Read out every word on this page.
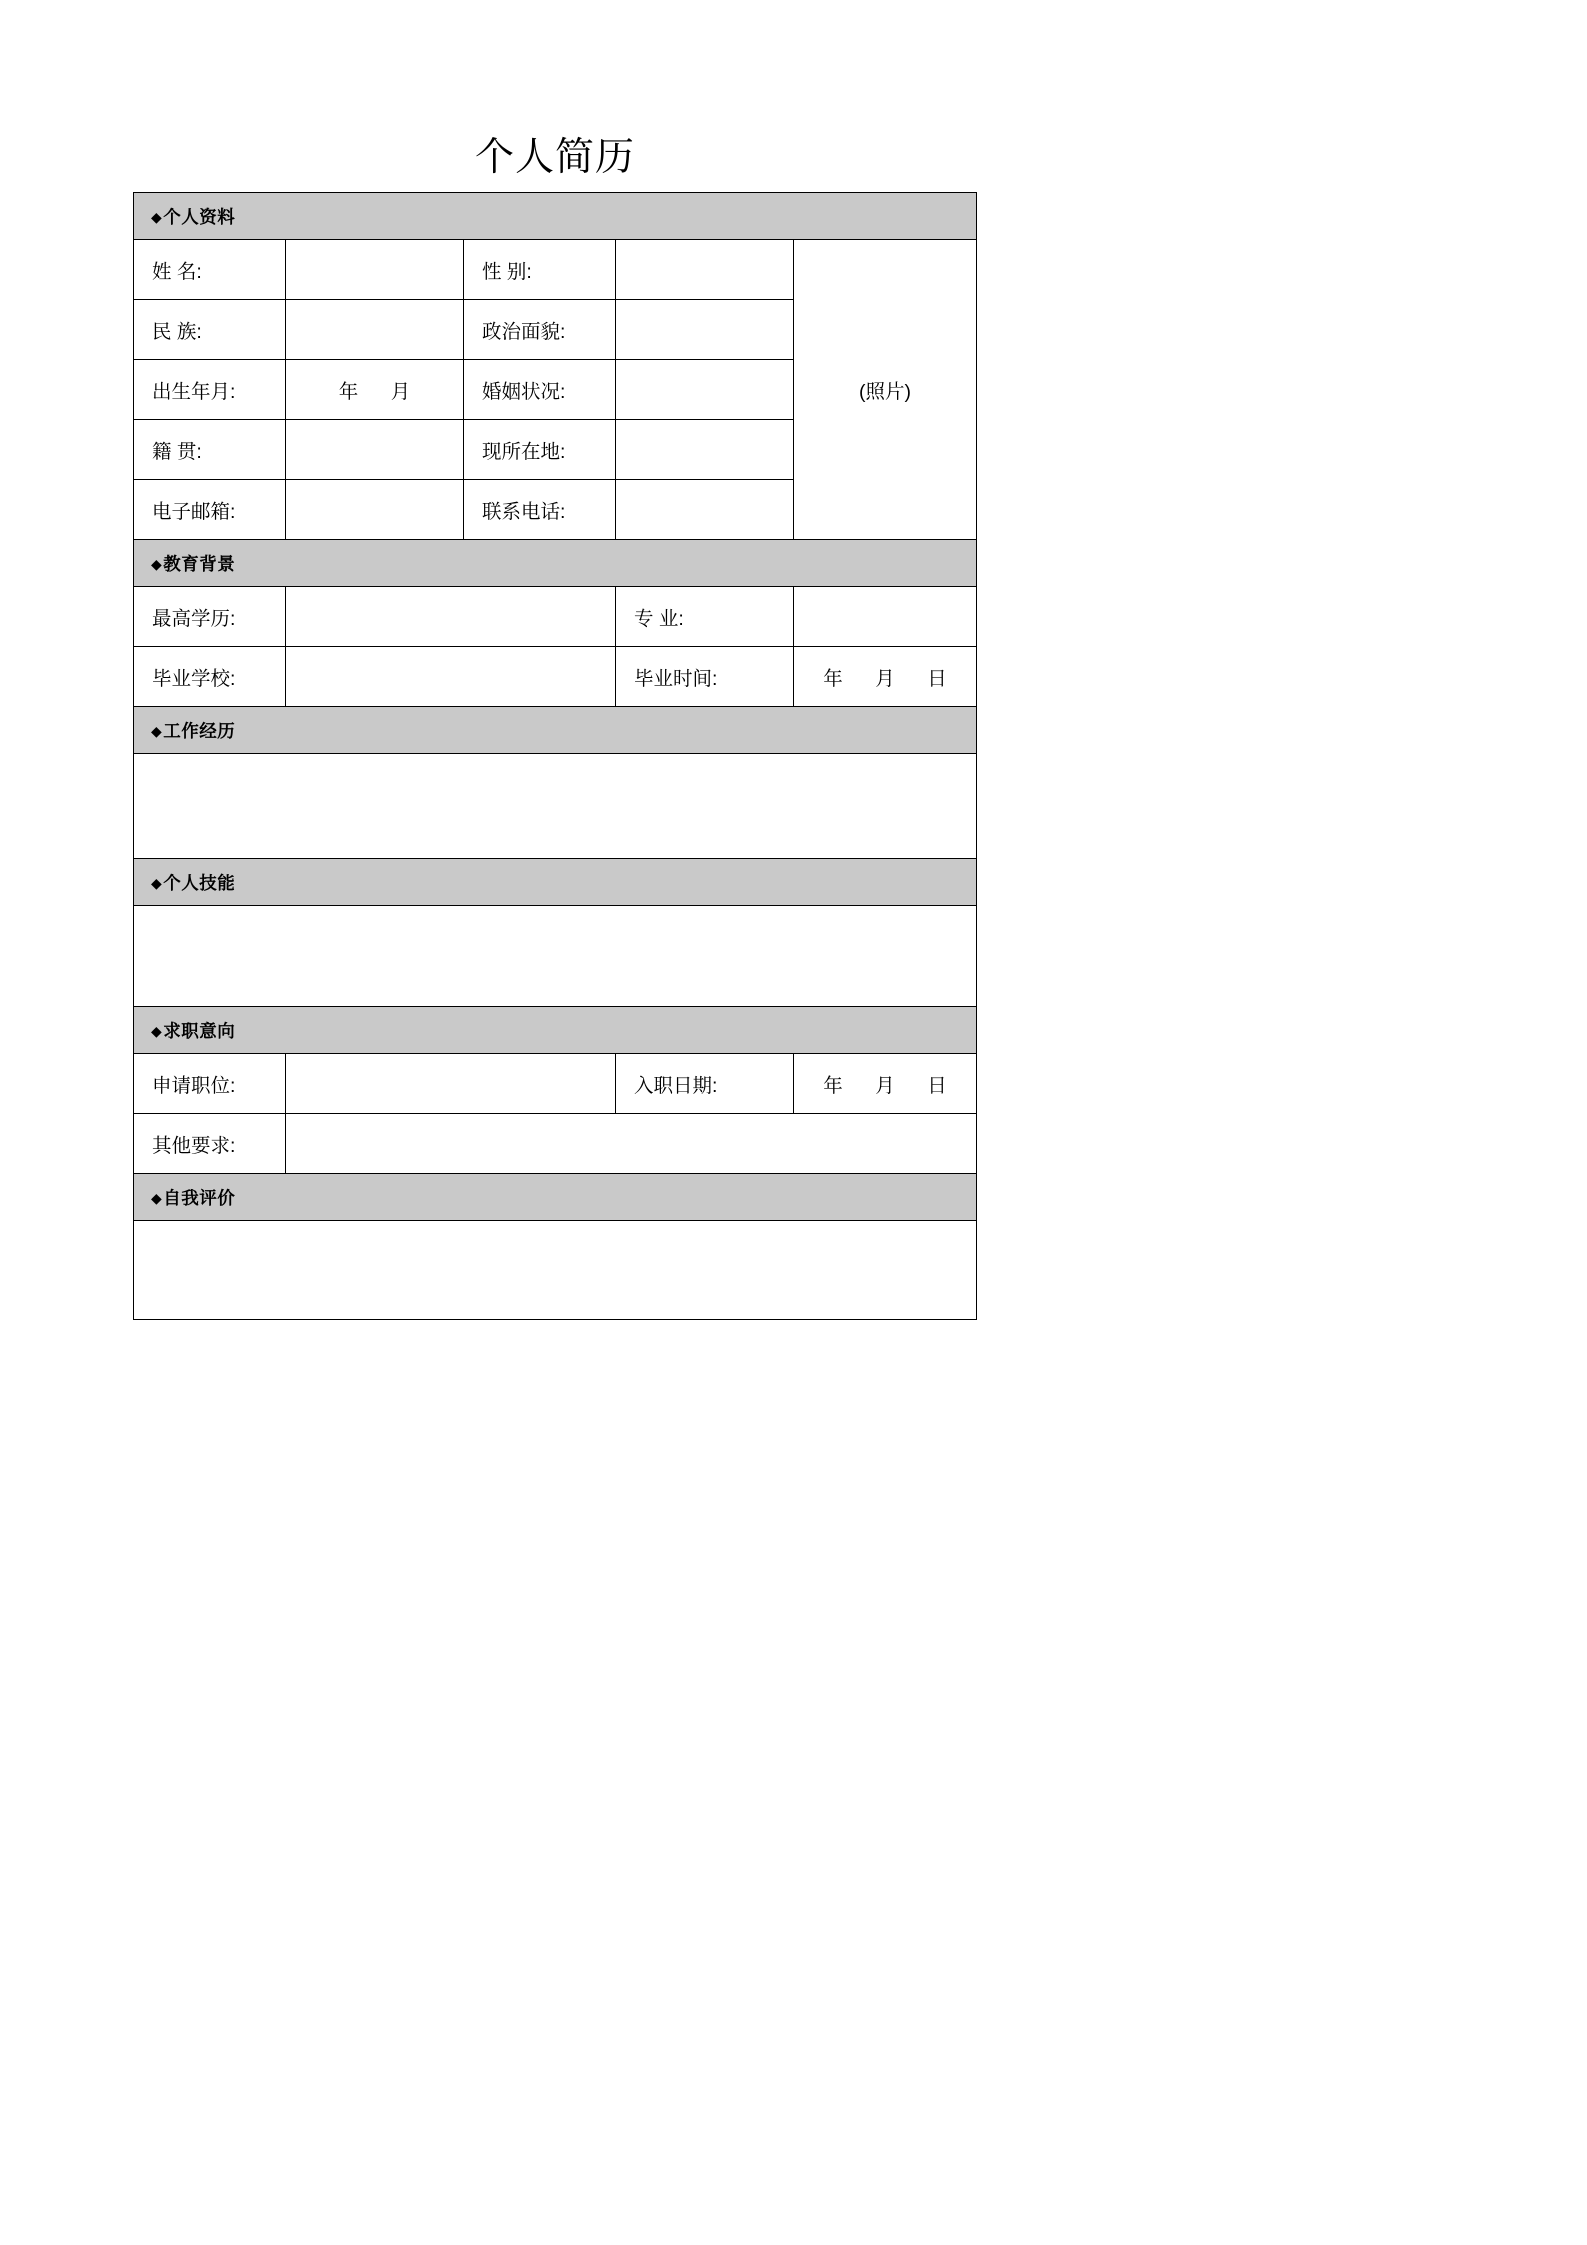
个人简历
◆个人资料				
姓 名:		性 别:		(照片)
民 族:		政治面貌:		
出生年月:	年      月	婚姻状况:		
籍 贯:		现所在地:		
电子邮箱:		联系电话:		
◆教育背景				
最高学历:			专 业:	
毕业学校:			毕业时间:	年      月      日
◆工作经历				

◆个人技能				

◆求职意向				
申请职位:			入职日期:	年      月      日
其他要求:				
◆自我评价				
